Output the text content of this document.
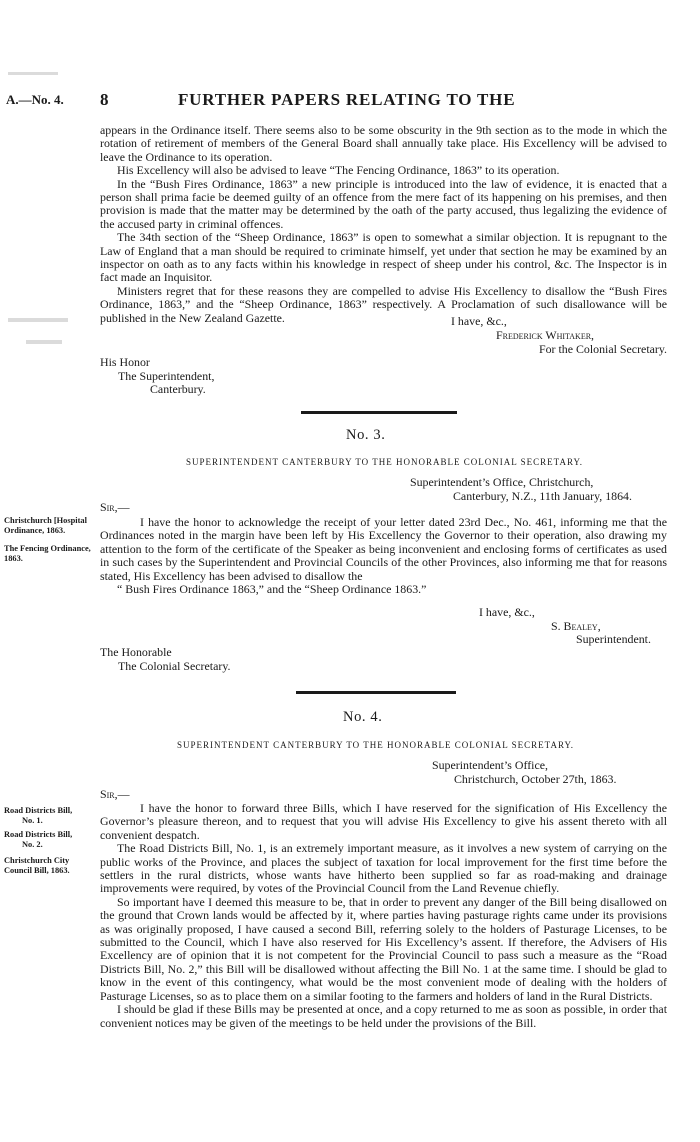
A.—No. 4. 8	FURTHER PAPERS RELATING TO THE

appears in the Ordinance itself. There seems also to be some obscurity in the 9th section as to the mode in which the rotation of retirement of members of the General Board shall annually take place. His Excellency will be advised to leave the Ordinance to its operation.

His Excellency will also be advised to leave “The Fencing Ordinance, 1863” to its operation.

In the “Bush Fires Ordinance, 1863” a new principle is introduced into the law of evidence, it is enacted that a person shall prima facie be deemed guilty of an offence from the mere fact of its happening on his premises, and then provision is made that the matter may be determined by the oath of the party accused, thus legalizing the evidence of the accused party in criminal offences.

The 34th section of the “Sheep Ordinance, 1863” is open to somewhat a similar objection. It is repugnant to the Law of England that a man should be required to criminate himself, yet under that section he may be examined by an inspector on oath as to any facts within his knowledge in respect of sheep under his control, &c. The Inspector is in fact made an Inquisitor.

Ministers regret that for these reasons they are compelled to advise His Excellency to disallow the “Bush Fires Ordinance, 1863,” and the “Sheep Ordinance, 1863” respectively. A Proclamation of such disallowance will be published in the New Zealand Gazette.	I have, &c.,
Frederick Whitaker,
For the Colonial Secretary.
His Honor
The Superintendent,
Canterbury.
No. 3.
SUPERINTENDENT CANTERBURY TO THE HONORABLE COLONIAL SECRETARY.
Superintendent’s Office, Christchurch,
Canterbury, N.Z., 11th January, 1864.
Sir,—
Christchurch [Hospital Ordinance, 1863.
The Fencing Ordinance, 1863.

I have the honor to acknowledge the receipt of your letter dated 23rd Dec., No. 461, informing me that the Ordinances noted in the margin have been left by His Excellency the Governor to their operation, also drawing my attention to the form of the certificate of the Speaker as being inconvenient and enclosing forms of certificates as used in such cases by the Superintendent and Provincial Councils of the other Provinces, also informing me that for reasons stated, His Excellency has been advised to disallow the

“ Bush Fires Ordinance 1863,” and the “Sheep Ordinance 1863.”

I have, &c.,
S. Bealey,
Superintendent.
The Honorable
The Colonial Secretary.
No. 4.
SUPERINTENDENT CANTERBURY TO THE HONORABLE COLONIAL SECRETARY.
Superintendent’s Office,
Christchurch, October 27th, 1863.
Sir,—
Road Districts Bill,
No. 1.
Road Districts Bill,
No. 2.
Christchurch City Council Bill, 1863.

I have the honor to forward three Bills, which I have reserved for the signification of His Excellency the Governor’s pleasure thereon, and to request that you will advise His Excellency to give his assent thereto with all convenient despatch.

The Road Districts Bill, No. 1, is an extremely important measure, as it involves a new system of carrying on the public works of the Province, and places the subject of taxation for local improvement for the first time before the settlers in the rural districts, whose wants have hitherto been supplied so far as road-making and drainage improvements were required, by votes of the Provincial Council from the Land Revenue chiefly.

So important have I deemed this measure to be, that in order to prevent any danger of the Bill being disallowed on the ground that Crown lands would be affected by it, where parties having pasturage rights came under its provisions as was originally proposed, I have caused a second Bill, referring solely to the holders of Pasturage Licenses, to be submitted to the Council, which I have also reserved for His Excellency’s assent. If therefore, the Advisers of His Excellency are of opinion that it is not competent for the Provincial Council to pass such a measure as the “Road Districts Bill, No. 2,” this Bill will be disallowed without affecting the Bill No. 1 at the same time. I should be glad to know in the event of this contingency, what would be the most convenient mode of dealing with the holders of Pasturage Licenses, so as to place them on a similar footing to the farmers and holders of land in the Rural Districts.

I should be glad if these Bills may be presented at once, and a copy returned to me as soon as possible, in order that convenient notices may be given of the meetings to be held under the provisions of the Bill.
